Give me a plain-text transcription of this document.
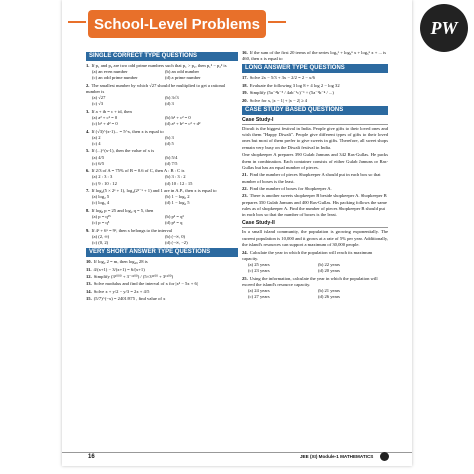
School-Level Problems	PW
SINGLE CORRECT TYPE QUESTIONS
1. If p₁ and p₂ are two odd prime numbers such that p₁ > p₂, then p₁² − p₂² is
(a) an even number	(b) an odd number
(c) an odd prime number	(d) a prime number
2. The smallest number by which √27 should be multiplied to get a rational number is
(a) √27	(b) 3√3
(c) √3	(d) 3
3. If a + ib = c + id, then
(a) a² + c² = 0	(b) b² + c² = 0
(c) b² + d² = 0	(d) a² + b² = c² + d²
4. If (√3)^(x-1)... = 5^x, then x is equal to
(a) 2	(b) 3
(c) 4	(d) 5
5. If (...)^(x-1), then the value of x is
(a) 4/5	(b) 5/4
(c) 6/5	(d) 7/5
6. If 2/3 of A = 75% of B = 0.6 of C, then A : B : C is
(a) 2 : 3 : 3	(b) 3 : 3 : 2
(c) 9 : 10 : 12	(d) 10 : 12 : 15
7. If log₂(5 × 2ˣ + 1), log₄(2¹⁻ˣ + 1) and 1 are in A.P., then x is equal to
(a) log₂ 5	(b) 1 − log₅ 2
(c) log₅ 4	(d) 1 − log₂ 5
8. If log₈ p = 25 and log₂ q = 5, then
(a) p = q¹⁵	(b) p² = q³
(c) p = q⁵	(d) p³ = q
9. If 4ˣ + 6ˣ = 9ˣ, then x belongs to the interval
(a) (2, ∞)	(b) (−∞, 0)
(c) (0, 2)	(d) (−∞, −2)
VERY SHORT ANSWER TYPE QUESTIONS
10. If log₂ 2 = m, then log₄₉ 28 is
11. 4/(x+1) − 3/(x+1) = 6/(x+1)
12. Simplify (3¹⁰⁰⁰ + 3⁻¹¹⁰⁰) / (5×3¹¹⁰⁰ + 3¹¹⁰⁰)
13. Solve modulus and find the interval of x for |x² − 5x + 6|
14. Solve x + y/2 − y/3 = 2x + 4/5
15. (5/7)^(−x) = 2401/875 , find value of x
16. If the sum of the first 20 terms of the series log₅ˣ + log₅ⁿ x + log₅ⁿ x + ... is 460, then x is equal to
LONG ANSWER TYPE QUESTIONS
17. Solve 2x − 5/3 + 3x − 2/2 = 2 − x/6
18. Evaluate the following 3 log 8 + 4 log 2 − log 32
19. Simplify (5a⁻⁴b⁻⁵ / 4ab⁻¹c)⁻¹ ÷ (5a⁻¹b⁻⁴ / ...)
20. Solve for x, |x − 1| + |x − 2| ≥ 4
CASE STUDY BASED QUESTIONS
Case Study-I
Diwali is the biggest festival in India. People give gifts to their loved ones and wish them "Happy Diwali". People give different types of gifts to their loved ones but most of them prefer to give sweets in gifts. Therefore, all sweet shops remain very busy on the Diwali festival in India.
One shopkeeper A prepares 390 Gulab Jamuns and 342 Ras-Gullas. He packs them in combination. Each container consists of either Gulab Jamuns or Ras-Gullas but has an equal number of pieces.
21. Find the number of pieces Shopkeeper A should put in each box so that number of boxes is the least.
22. Find the number of boxes for Shopkeeper A.
23. There is another sweets shopkeeper B beside shopkeeper A. Shopkeeper B prepares 350 Gulab Jamuns and 400 Ras-Gullas. His packing follows the same rules as of shopkeeper A. Find the number of pieces Shopkeeper B should put in each box so that the number of boxes is the least.
Case Study-II
In a small island community, the population is growing exponentially. The current population is 10,000 and it grows at a rate of 5% per year. Additionally, the island's resources can support a maximum of 30,000 people.
24. Calculate the year in which the population will reach its maximum capacity.
(a) 25 years	(b) 22 years
(c) 23 years	(d) 20 years
25. Using the information, calculate the year in which the population will exceed the island's resource capacity.
(a) 24 years	(b) 21 years
(c) 27 years	(d) 26 years
16	JEE (XI) Module-1 MATHEMATICS
